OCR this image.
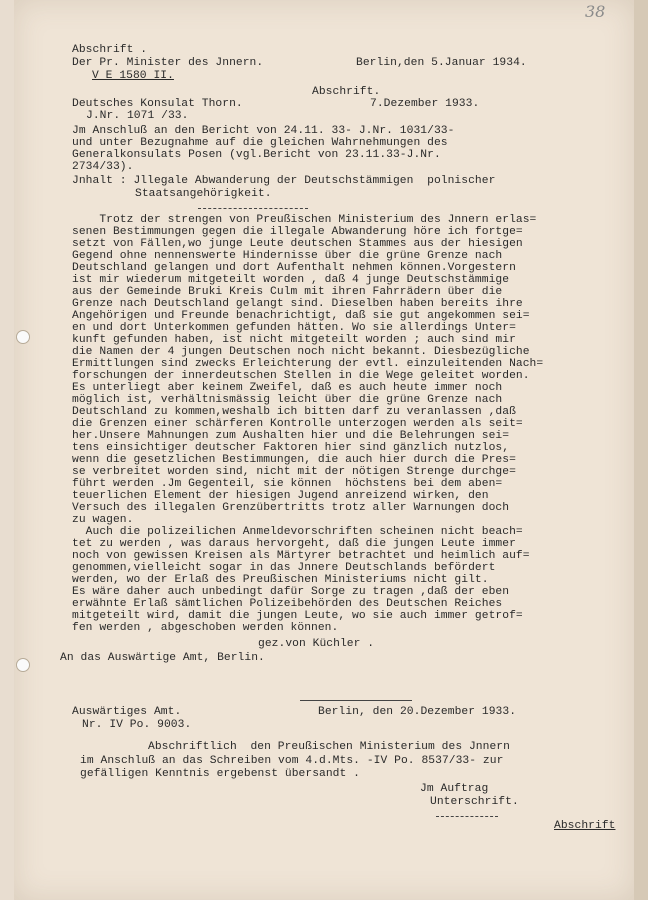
38
Abschrift .
Der Pr. Minister des Jnnern.	Berlin,den 5.Januar 1934.
V E 1580 II.
Abschrift.
Deutsches Konsulat Thorn.	7.Dezember 1933.
J.Nr. 1071 /33.
Jm Anschluß an den Bericht von 24.11. 33- J.Nr. 1031/33-
und unter Bezugnahme auf die gleichen Wahrnehmungen des
Generalkonsulats Posen (vgl.Bericht von 23.11.33-J.Nr.
2734/33).
Jnhalt : Jllegale Abwanderung der Deutschstämmigen  polnischer
Staatsangehörigkeit.
Trotz der strengen von Preußischen Ministerium des Jnnern erlas=
senen Bestimmungen gegen die illegale Abwanderung höre ich fortge=
setzt von Fällen,wo junge Leute deutschen Stammes aus der hiesigen
Gegend ohne nennenswerte Hindernisse über die grüne Grenze nach
Deutschland gelangen und dort Aufenthalt nehmen können.Vorgestern
ist mir wiederum mitgeteilt worden , daß 4 junge Deutschstämmige
aus der Gemeinde Bruki Kreis Culm mit ihren Fahrrädern über die
Grenze nach Deutschland gelangt sind. Dieselben haben bereits ihre
Angehörigen und Freunde benachrichtigt, daß sie gut angekommen sei=
en und dort Unterkommen gefunden hätten. Wo sie allerdings Unter=
kunft gefunden haben, ist nicht mitgeteilt worden ; auch sind mir
die Namen der 4 jungen Deutschen noch nicht bekannt. Diesbezügliche
Ermittlungen sind zwecks Erleichterung der evtl. einzuleitenden Nach=
forschungen der innerdeutschen Stellen in die Wege geleitet worden.
Es unterliegt aber keinem Zweifel, daß es auch heute immer noch
möglich ist, verhältnismässig leicht über die grüne Grenze nach
Deutschland zu kommen,weshalb ich bitten darf zu veranlassen ,daß
die Grenzen einer schärferen Kontrolle unterzogen werden als seit=
her.Unsere Mahnungen zum Aushalten hier und die Belehrungen sei=
tens einsichtiger deutscher Faktoren hier sind gänzlich nutzlos,
wenn die gesetzlichen Bestimmungen, die auch hier durch die Pres=
se verbreitet worden sind, nicht mit der nötigen Strenge durchge=
führt werden .Jm Gegenteil, sie können  höchstens bei dem aben=
teuerlichen Element der hiesigen Jugend anreizend wirken, den
Versuch des illegalen Grenzübertritts trotz aller Warnungen doch
zu wagen.
Auch die polizeilichen Anmeldevorschriften scheinen nicht beach=
tet zu werden , was daraus hervorgeht, daß die jungen Leute immer
noch von gewissen Kreisen als Märtyrer betrachtet und heimlich auf=
genommen,vielleicht sogar in das Jnnere Deutschlands befördert
werden, wo der Erlaß des Preußischen Ministeriums nicht gilt.
Es wäre daher auch unbedingt dafür Sorge zu tragen ,daß der eben
erwähnte Erlaß sämtlichen Polizeibehörden des Deutschen Reiches
mitgeteilt wird, damit die jungen Leute, wo sie auch immer getrof=
fen werden , abgeschoben werden können.
gez.von Küchler .
An das Auswärtige Amt, Berlin.
Auswärtiges Amt.	Berlin, den 20.Dezember 1933.
Nr. IV Po. 9003.
Abschriftlich  den Preußischen Ministerium des Jnnern
im Anschluß an das Schreiben vom 4.d.Mts. -IV Po. 8537/33- zur
gefälligen Kenntnis ergebenst übersandt .
Jm Auftrag
Unterschrift.
Abschrift
